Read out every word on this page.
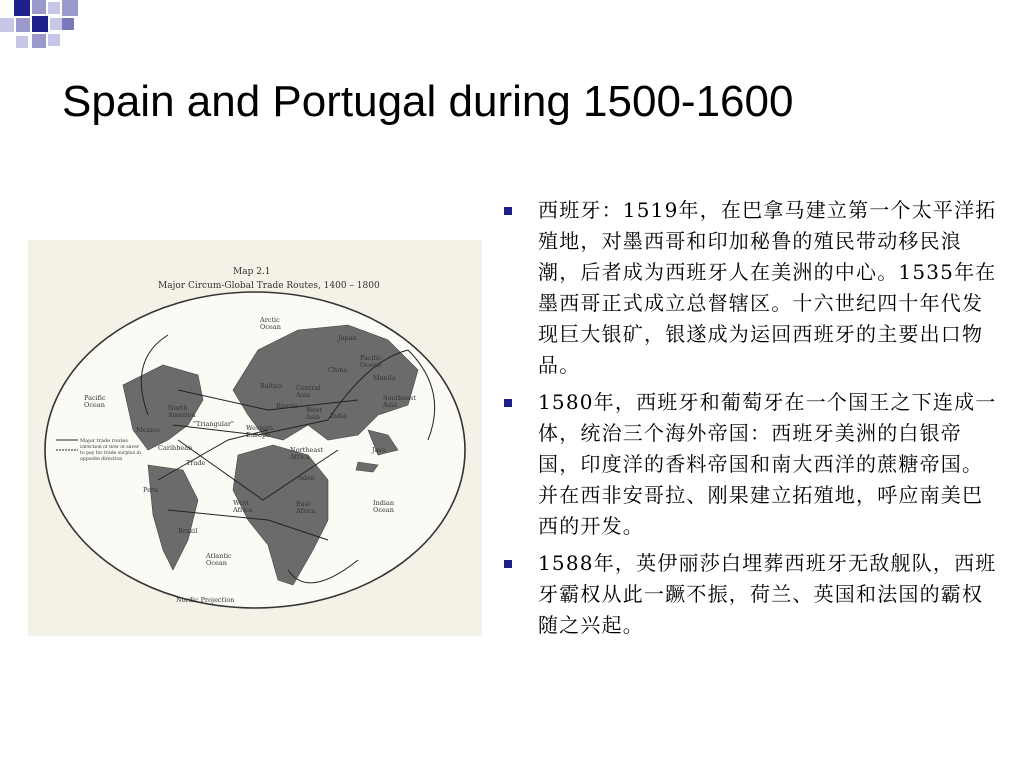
Spain and Portugal during 1500-1600
Map 2.1
Major Circum-Global Trade Routes, 1400 – 1800
Pacific Ocean
Pacific Ocean
Arctic Ocean
North America
Mexico
Caribbean
Peru
Brazil
Atlantic Ocean
Indian Ocean
Baltics
Russia
Western Europe
Central Asia
West Asia	India
China
Japan
Manila
Southeast Asia
West Africa
East Africa
Aden
Northeast Africa
Java
"Triangular"
Trade
Nordic Projection
Major trade routes
Direction of flow of silver to pay for trade surplus in opposite direction
西班牙：1519年，在巴拿马建立第一个太平洋拓殖地，对墨西哥和印加秘鲁的殖民带动移民浪潮，后者成为西班牙人在美洲的中心。1535年在墨西哥正式成立总督辖区。十六世纪四十年代发现巨大银矿，银遂成为运回西班牙的主要出口物品。
1580年，西班牙和葡萄牙在一个国王之下连成一体，统治三个海外帝国：西班牙美洲的白银帝国，印度洋的香料帝国和南大西洋的蔗糖帝国。并在西非安哥拉、刚果建立拓殖地，呼应南美巴西的开发。
1588年，英伊丽莎白埋葬西班牙无敌舰队，西班牙霸权从此一蹶不振，荷兰、英国和法国的霸权随之兴起。
